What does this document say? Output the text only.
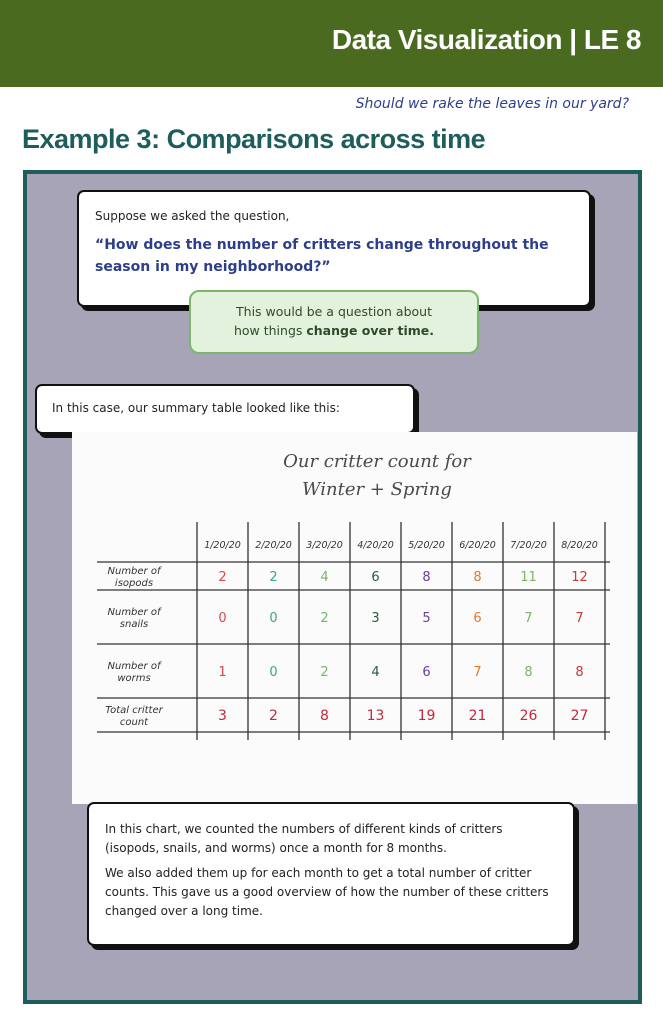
Data Visualization | LE 8
Should we rake the leaves in our yard?
Example 3: Comparisons across time
Suppose we asked the question,
“How does the number of critters change throughout the season in my neighborhood?”
This would be a question about
how things change over time.
In this case, our summary table looked like this:
Our critter count for
Winter + Spring
1/20/20 2/20/20 3/20/20 4/20/20 5/20/20 6/20/20 7/20/20 8/20/20
Number of
isopods	2	2	4	6	8	8	11	12
Number of
snails	0	0	2	3	5	6	7	7
Number of
worms	1	0	2	4	6	7	8	8
Total critter
count	3	2	8	13 19 21 26 27
In this chart, we counted the numbers of different kinds of critters (isopods, snails, and worms) once a month for 8 months.
We also added them up for each month to get a total number of critter counts. This gave us a good overview of how the number of these critters changed over a long time.
